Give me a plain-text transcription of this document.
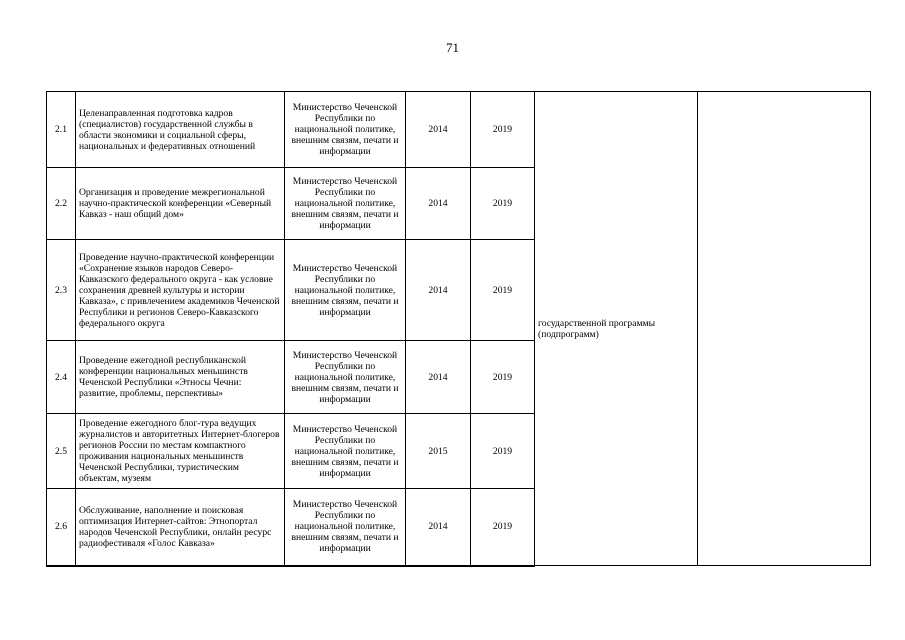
71
2.1	Целенаправленная подготовка кадров (специалистов) государственной службы в области экономики и социальной сферы, национальных и федеративных отношений	Министерство Чеченской Республики по национальной политике, внешним связям, печати и информации	2014	2019	государственной программы (подпрограмм)	
2.2	Организация и проведение межрегиональной научно-практической конференции «Северный Кавказ - наш общий дом»	Министерство Чеченской Республики по национальной политике, внешним связям, печати и информации	2014	2019		
2.3	Проведение научно-практической конференции «Сохранение языков народов Северо-Кавказского федерального округа - как условие сохранения древней культуры и истории Кавказа», с привлечением академиков Чеченской Республики и регионов Северо-Кавказского федерального округа	Министерство Чеченской Республики по национальной политике, внешним связям, печати и информации	2014	2019		
2.4	Проведение ежегодной республиканской конференции национальных меньшинств Чеченской Республики «Этносы Чечни: развитие, проблемы, перспективы»	Министерство Чеченской Республики по национальной политике, внешним связям, печати и информации	2014	2019		
2.5	Проведение ежегодного блог-тура ведущих журналистов и авторитетных Интернет-блогеров регионов России по местам компактного проживания национальных меньшинств Чеченской Республики, туристическим объектам, музеям	Министерство Чеченской Республики по национальной политике, внешним связям, печати и информации	2015	2019		
2.6	Обслуживание, наполнение и поисковая оптимизация Интернет-сайтов: Этнопортал народов Чеченской Республики, онлайн ресурс радиофестиваля «Голос Кавказа»	Министерство Чеченской Республики по национальной политике, внешним связям, печати и информации	2014	2019		
